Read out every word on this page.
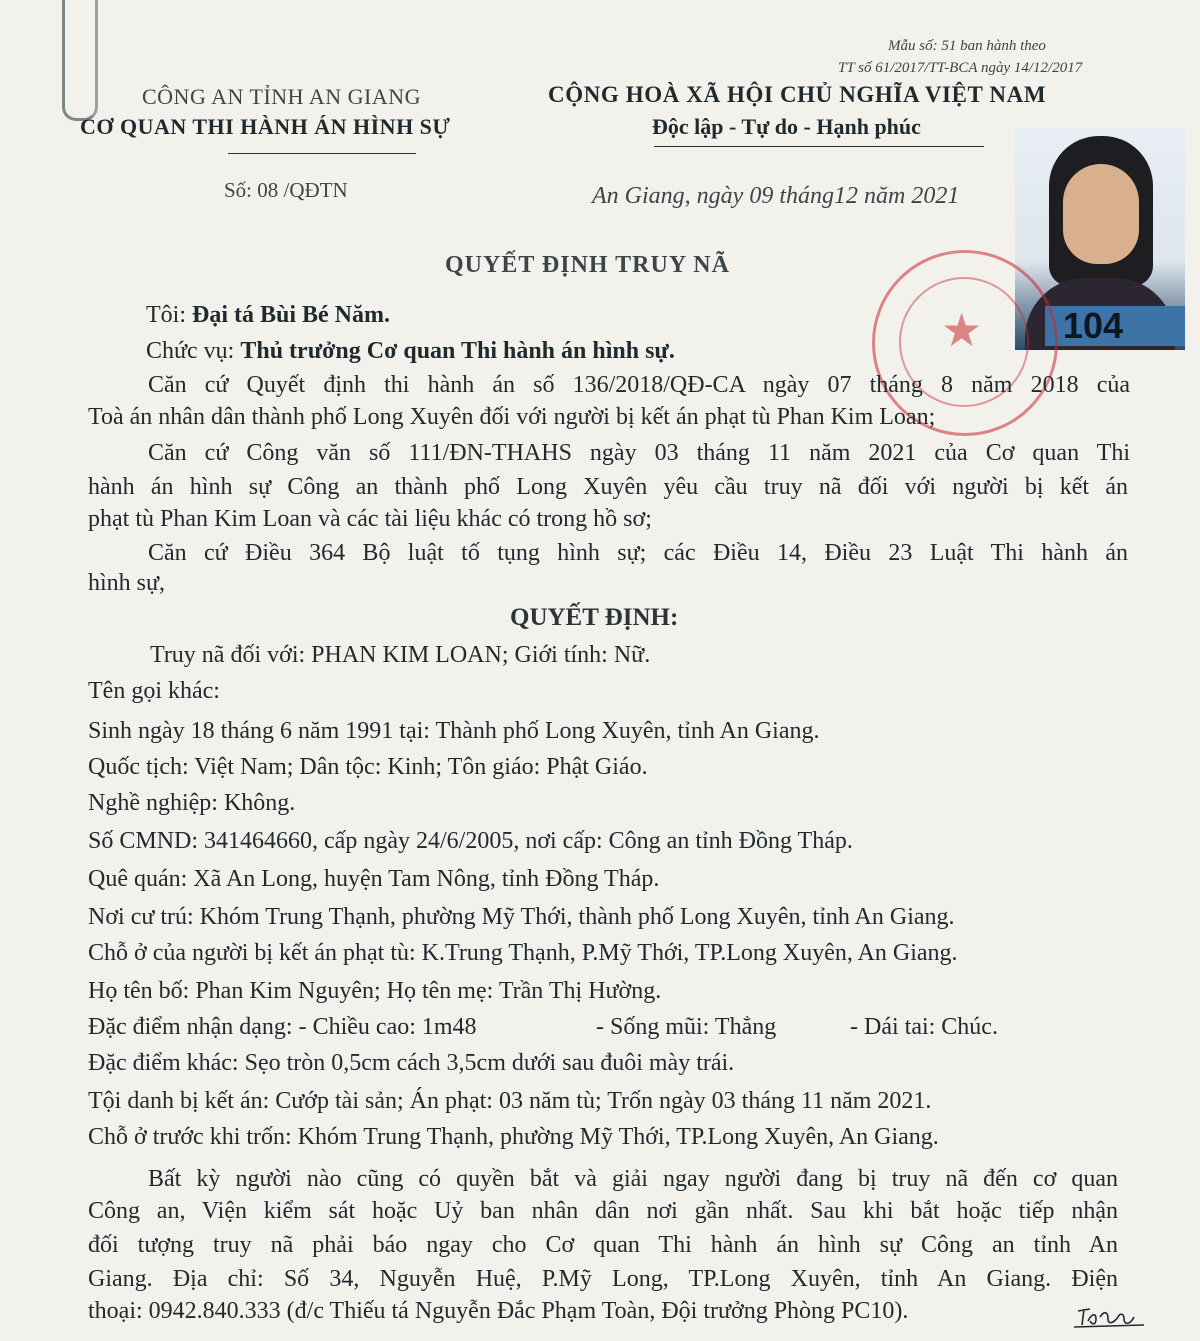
Mẫu số: 51 ban hành theo
TT số 61/2017/TT-BCA ngày 14/12/2017
CÔNG AN TỈNH AN GIANG
CƠ QUAN THI HÀNH ÁN HÌNH SỰ
Số: 08 /QĐTN
CỘNG HOÀ XÃ HỘI CHỦ NGHĨA VIỆT NAM
Độc lập - Tự do - Hạnh phúc
An Giang, ngày 09 tháng12 năm 2021
104
★
QUYẾT ĐỊNH TRUY NÃ
Tôi: Đại tá Bùi Bé Năm.
Chức vụ: Thủ trưởng Cơ quan Thi hành án hình sự.
Căn cứ Quyết định thi hành án số 136/2018/QĐ-CA ngày 07 tháng 8 năm 2018 của
Toà án nhân dân thành phố Long Xuyên đối với người bị kết án phạt tù Phan Kim Loan;
Căn cứ Công văn số 111/ĐN-THAHS ngày 03 tháng 11 năm 2021 của Cơ quan Thi
hành án hình sự Công an thành phố Long Xuyên yêu cầu truy nã đối với người bị kết án
phạt tù Phan Kim Loan và các tài liệu khác có trong hồ sơ;
Căn cứ Điều 364 Bộ luật tố tụng hình sự; các Điều 14, Điều 23 Luật Thi hành án
hình sự,
QUYẾT ĐỊNH:
Truy nã đối với: PHAN KIM LOAN; Giới tính: Nữ.
Tên gọi khác:
Sinh ngày 18 tháng 6 năm 1991 tại: Thành phố Long Xuyên, tỉnh An Giang.
Quốc tịch: Việt Nam; Dân tộc: Kinh; Tôn giáo: Phật Giáo.
Nghề nghiệp: Không.
Số CMND: 341464660, cấp ngày 24/6/2005, nơi cấp: Công an tỉnh Đồng Tháp.
Quê quán: Xã An Long, huyện Tam Nông, tỉnh Đồng Tháp.
Nơi cư trú: Khóm Trung Thạnh, phường Mỹ Thới, thành phố Long Xuyên, tỉnh An Giang.
Chỗ ở của người bị kết án phạt tù: K.Trung Thạnh, P.Mỹ Thới, TP.Long Xuyên, An Giang.
Họ tên bố: Phan Kim Nguyên; Họ tên mẹ: Trần Thị Hường.
Đặc điểm nhận dạng: - Chiều cao: 1m48	- Sống mũi: Thẳng	- Dái tai: Chúc.
Đặc điểm khác: Sẹo tròn 0,5cm cách 3,5cm dưới sau đuôi mày trái.
Tội danh bị kết án: Cướp tài sản; Án phạt: 03 năm tù; Trốn ngày 03 tháng 11 năm 2021.
Chỗ ở trước khi trốn: Khóm Trung Thạnh, phường Mỹ Thới, TP.Long Xuyên, An Giang.
Bất kỳ người nào cũng có quyền bắt và giải ngay người đang bị truy nã đến cơ quan
Công an, Viện kiểm sát hoặc Uỷ ban nhân dân nơi gần nhất. Sau khi bắt hoặc tiếp nhận
đối tượng truy nã phải báo ngay cho Cơ quan Thi hành án hình sự Công an tỉnh An
Giang. Địa chỉ: Số 34, Nguyễn Huệ, P.Mỹ Long, TP.Long Xuyên, tỉnh An Giang. Điện
thoại: 0942.840.333 (đ/c Thiếu tá Nguyễn Đắc Phạm Toàn, Đội trưởng Phòng PC10).
